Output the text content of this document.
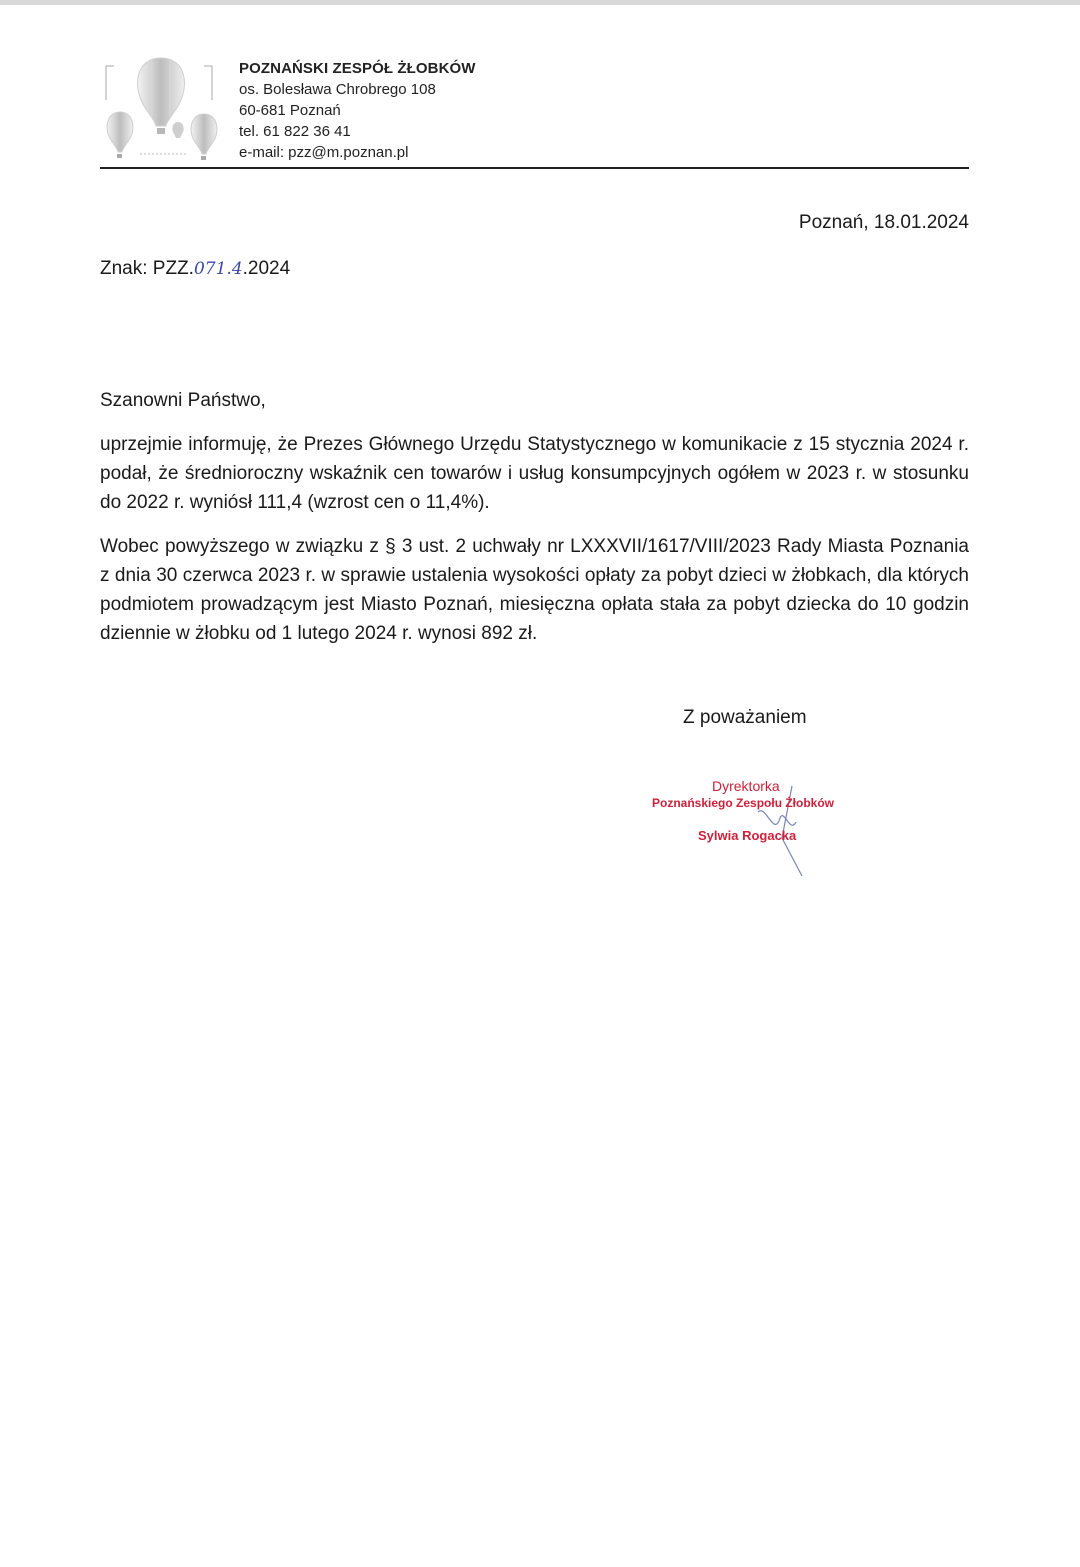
POZNAŃSKI ZESPÓŁ ŻŁOBKÓW
os. Bolesława Chrobrego 108
60-681 Poznań
tel. 61 822 36 41
e-mail: pzz@m.poznan.pl
Poznań, 18.01.2024
Znak: PZZ.071.4.2024
Szanowni Państwo,

uprzejmie informuję, że Prezes Głównego Urzędu Statystycznego w komunikacie z 15 stycznia 2024 r. podał, że średnioroczny wskaźnik cen towarów i usług konsumpcyjnych ogółem w 2023 r. w stosunku do 2022 r. wyniósł 111,4 (wzrost cen o 11,4%).

Wobec powyższego w związku z § 3 ust. 2 uchwały nr LXXXVII/1617/VIII/2023 Rady Miasta Poznania z dnia 30 czerwca 2023 r. w sprawie ustalenia wysokości opłaty za pobyt dzieci w żłobkach, dla których podmiotem prowadzącym jest Miasto Poznań, miesięczna opłata stała za pobyt dziecka do 10 godzin dziennie w żłobku od 1 lutego 2024 r. wynosi 892 zł.

Z poważaniem
Dyrektorka
Poznańskiego Zespołu Żłobków
Sylwia Rogacka
